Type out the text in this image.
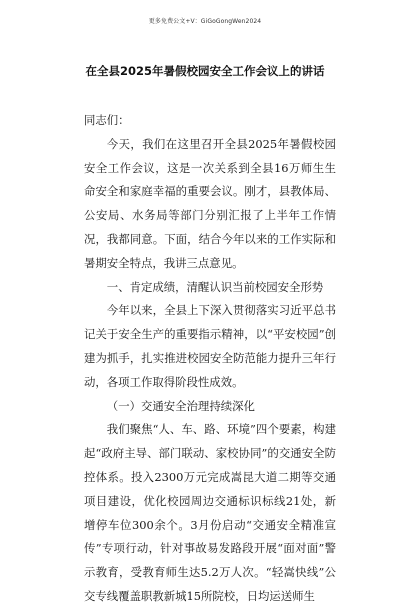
更多免费公文+V：GiGoGongWen2024
在全县2025年暑假校园安全工作会议上的讲话

同志们：

今天，我们在这里召开全县2025年暑假校园安全工作会议，这是一次关系到全县16万师生生命安全和家庭幸福的重要会议。刚才，县教体局、公安局、水务局等部门分别汇报了上半年工作情况，我都同意。下面，结合今年以来的工作实际和暑期安全特点，我讲三点意见。

一、肯定成绩，清醒认识当前校园安全形势

今年以来，全县上下深入贯彻落实习近平总书记关于安全生产的重要指示精神，以“平安校园”创建为抓手，扎实推进校园安全防范能力提升三年行动，各项工作取得阶段性成效。

（一）交通安全治理持续深化

我们聚焦“人、车、路、环境”四个要素，构建起“政府主导、部门联动、家校协同”的交通安全防控体系。投入2300万元完成嵩昆大道二期等交通项目建设，优化校园周边交通标识标线21处，新增停车位300余个。3月份启动“交通安全精准宣传”专项行动，针对事故易发路段开展“面对面”警示教育，受教育师生达5.2万人次。“轻嵩快线”公交专线覆盖职教新城15所院校，日均运送师生
